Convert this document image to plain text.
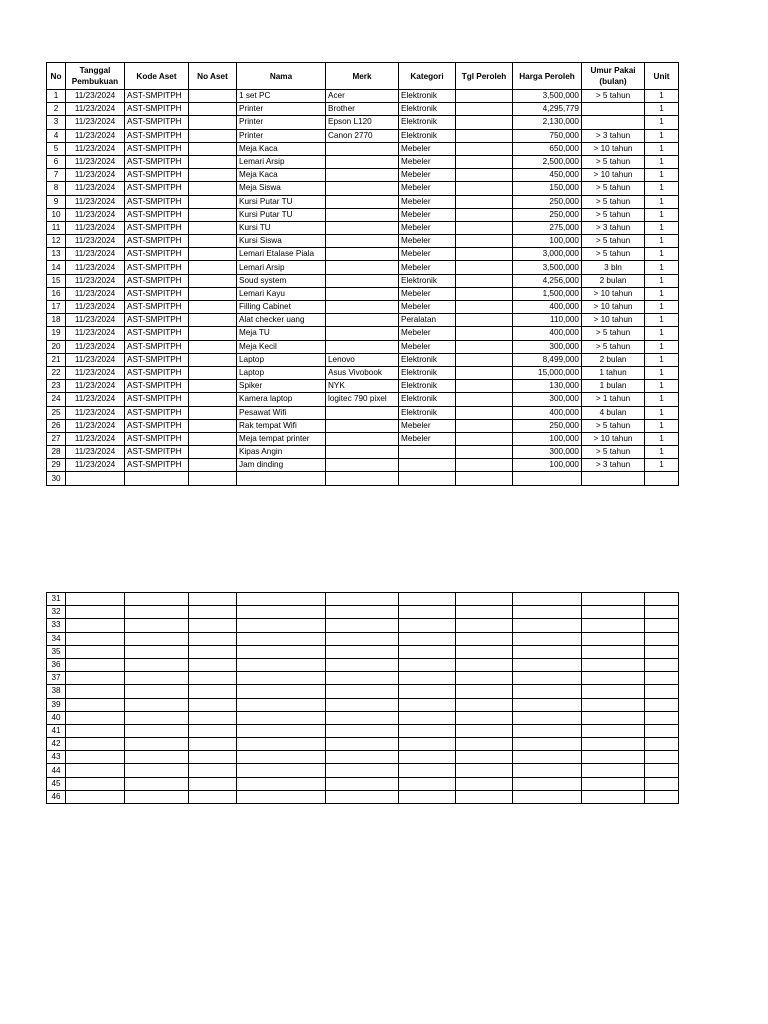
No	Tanggal Pembukuan	Kode Aset	No Aset	Nama	Merk	Kategori	Tgl Peroleh	Harga Peroleh	Umur Pakai (bulan)	Unit
1	11/23/2024	AST-SMPITPH		1 set PC	Acer	Elektronik		3,500,000	> 5 tahun	1
2	11/23/2024	AST-SMPITPH		Printer	Brother	Elektronik		4,295,779		1
3	11/23/2024	AST-SMPITPH		Printer	Epson L120	Elektronik		2,130,000		1
4	11/23/2024	AST-SMPITPH		Printer	Canon 2770	Elektronik		750,000	> 3 tahun	1
5	11/23/2024	AST-SMPITPH		Meja Kaca		Mebeler		650,000	> 10 tahun	1
6	11/23/2024	AST-SMPITPH		Lemari Arsip		Mebeler		2,500,000	> 5 tahun	1
7	11/23/2024	AST-SMPITPH		Meja Kaca		Mebeler		450,000	> 10 tahun	1
8	11/23/2024	AST-SMPITPH		Meja Siswa		Mebeler		150,000	> 5 tahun	1
9	11/23/2024	AST-SMPITPH		Kursi Putar TU		Mebeler		250,000	> 5 tahun	1
10	11/23/2024	AST-SMPITPH		Kursi Putar TU		Mebeler		250,000	> 5 tahun	1
11	11/23/2024	AST-SMPITPH		Kursi TU		Mebeler		275,000	> 3 tahun	1
12	11/23/2024	AST-SMPITPH		Kursi Siswa		Mebeler		100,000	> 5 tahun	1
13	11/23/2024	AST-SMPITPH		Lemari Etalase Piala		Mebeler		3,000,000	> 5 tahun	1
14	11/23/2024	AST-SMPITPH		Lemari Arsip		Mebeler		3,500,000	3 bln	1
15	11/23/2024	AST-SMPITPH		Soud system		Elektronik		4,256,000	2 bulan	1
16	11/23/2024	AST-SMPITPH		Lemari Kayu		Mebeler		1,500,000	> 10 tahun	1
17	11/23/2024	AST-SMPITPH		Filling Cabinet		Mebeler		400,000	> 10 tahun	1
18	11/23/2024	AST-SMPITPH		Alat checker uang		Peralatan		110,000	> 10 tahun	1
19	11/23/2024	AST-SMPITPH		Meja TU		Mebeler		400,000	> 5 tahun	1
20	11/23/2024	AST-SMPITPH		Meja Kecil		Mebeler		300,000	> 5 tahun	1
21	11/23/2024	AST-SMPITPH		Laptop	Lenovo	Elektronik		8,499,000	2 bulan	1
22	11/23/2024	AST-SMPITPH		Laptop	Asus Vivobook	Elektronik		15,000,000	1 tahun	1
23	11/23/2024	AST-SMPITPH		Spiker	NYK	Elektronik		130,000	1 bulan	1
24	11/23/2024	AST-SMPITPH		Kamera laptop	logitec 790 pixel	Elektronik		300,000	> 1 tahun	1
25	11/23/2024	AST-SMPITPH		Pesawat Wifi		Elektronik		400,000	4 bulan	1
26	11/23/2024	AST-SMPITPH		Rak tempat Wifi		Mebeler		250,000	> 5 tahun	1
27	11/23/2024	AST-SMPITPH		Meja tempat printer		Mebeler		100,000	> 10 tahun	1
28	11/23/2024	AST-SMPITPH		Kipas Angin				300,000	> 5 tahun	1
29	11/23/2024	AST-SMPITPH		Jam dinding				100,000	> 3 tahun	1
30										
31										
32										
33										
34										
35										
36										
37										
38										
39										
40										
41										
42										
43										
44										
45										
46										
